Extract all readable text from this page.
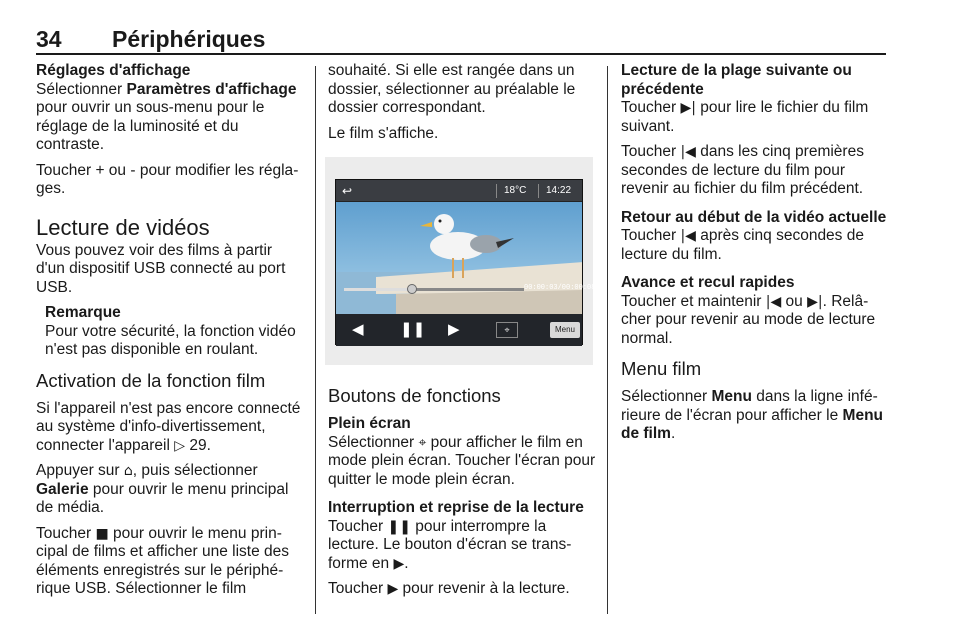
34 Périphériques
Réglages d'affichage

Sélectionner Paramètres d'affichage pour ouvrir un sous-menu pour le réglage de la luminosité et du contraste.

Toucher + ou - pour modifier les réglages.

Lecture de vidéos

Vous pouvez voir des films à partir d'un dispositif USB connecté au port USB.

Remarque

Pour votre sécurité, la fonction vidéo n'est pas disponible en roulant.

Activation de la fonction film

Si l'appareil n'est pas encore connecté au système d'info-divertissement, connecter l'appareil ▷ 29.

Appuyer sur ⌂, puis sélectionner Galerie pour ouvrir le menu principal de média.

Toucher ■ pour ouvrir le menu principal de films et afficher une liste des éléments enregistrés sur le périphérique USB. Sélectionner le film

souhaité. Si elle est rangée dans un dossier, sélectionner au préalable le dossier correspondant.

Le film s'affiche.

↩	18°C 14:22
00:00:03/00:00:08
◀ ❚❚ ▶	⌖	Menu
Boutons de fonctions
Plein écran

Sélectionner ⌖ pour afficher le film en mode plein écran. Toucher l'écran pour quitter le mode plein écran.

Interruption et reprise de la lecture

Toucher ❚❚ pour interrompre la lecture. Le bouton d'écran se transforme en ▶.

Toucher ▶ pour revenir à la lecture.

Lecture de la plage suivante ou précédente

Toucher ▶| pour lire le fichier du film suivant.

Toucher |◀ dans les cinq premières secondes de lecture du film pour revenir au fichier du film précédent.

Retour au début de la vidéo actuelle

Toucher |◀ après cinq secondes de lecture du film.

Avance et recul rapides

Toucher et maintenir |◀ ou ▶|. Relâcher pour revenir au mode de lecture normal.

Menu film

Sélectionner Menu dans la ligne inférieure de l'écran pour afficher le Menu de film.
